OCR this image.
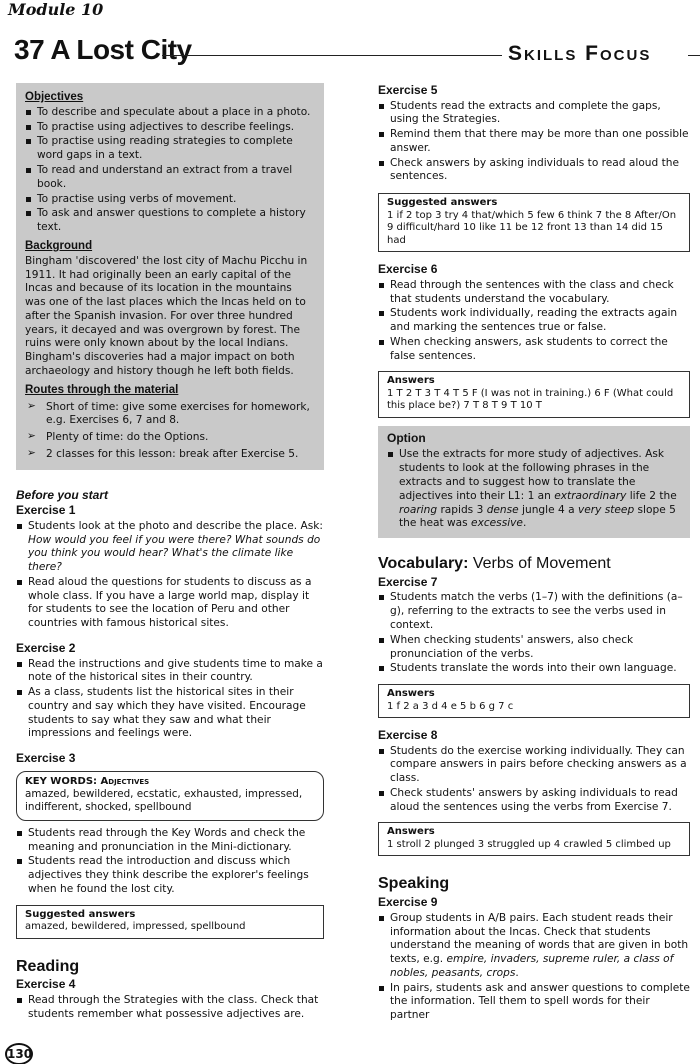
Module 10
37 A Lost City	Skills Focus
Objectives
To describe and speculate about a place in a photo.
To practise using adjectives to describe feelings.
To practise using reading strategies to complete word gaps in a text.
To read and understand an extract from a travel book.
To practise using verbs of movement.
To ask and answer questions to complete a history text.
Background
Bingham 'discovered' the lost city of Machu Picchu in 1911. It had originally been an early capital of the Incas and because of its location in the mountains was one of the last places which the Incas held on to after the Spanish invasion. For over three hundred years, it decayed and was overgrown by forest. The ruins were only known about by the local Indians. Bingham's discoveries had a major impact on both archaeology and history though he left both fields.
Routes through the material
➢ Short of time: give some exercises for homework, e.g. Exercises 6, 7 and 8.
➢ Plenty of time: do the Options.
➢ 2 classes for this lesson: break after Exercise 5.
Before you start
Exercise 1
Students look at the photo and describe the place. Ask:
How would you feel if you were there? What sounds do you think you would hear? What's the climate like there?
Read aloud the questions for students to discuss as a whole class. If you have a large world map, display it for students to see the location of Peru and other countries with famous historical sites.
Exercise 2
Read the instructions and give students time to make a note of the historical sites in their country.
As a class, students list the historical sites in their country and say which they have visited. Encourage students to say what they saw and what their impressions and feelings were.
Exercise 3
KEY WORDS: Adjectives
amazed, bewildered, ecstatic, exhausted, impressed, indifferent, shocked, spellbound
Students read through the Key Words and check the meaning and pronunciation in the Mini-dictionary.
Students read the introduction and discuss which adjectives they think describe the explorer's feelings when he found the lost city.
Suggested answers
amazed, bewildered, impressed, spellbound
Reading
Exercise 4
Read through the Strategies with the class. Check that students remember what possessive adjectives are.
Exercise 5
Students read the extracts and complete the gaps, using the Strategies.
Remind them that there may be more than one possible answer.
Check answers by asking individuals to read aloud the sentences.
Suggested answers
1 if 2 top 3 try 4 that/which 5 few 6 think 7 the 8 After/On 9 difficult/hard 10 like 11 be 12 front 13 than 14 did 15 had
Exercise 6
Read through the sentences with the class and check that students understand the vocabulary.
Students work individually, reading the extracts again and marking the sentences true or false.
When checking answers, ask students to correct the false sentences.
Answers
1 T 2 T 3 T 4 T 5 F (I was not in training.) 6 F (What could this place be?) 7 T 8 T 9 T 10 T
Option
Use the extracts for more study of adjectives. Ask students to look at the following phrases in the extracts and to suggest how to translate the adjectives into their L1: 1 an extraordinary life 2 the roaring rapids 3 dense jungle 4 a very steep slope 5 the heat was excessive.
Vocabulary: Verbs of Movement
Exercise 7
Students match the verbs (1–7) with the definitions (a–g), referring to the extracts to see the verbs used in context.
When checking students' answers, also check pronunciation of the verbs.
Students translate the words into their own language.
Answers
1 f 2 a 3 d 4 e 5 b 6 g 7 c
Exercise 8
Students do the exercise working individually. They can compare answers in pairs before checking answers as a class.
Check students' answers by asking individuals to read aloud the sentences using the verbs from Exercise 7.
Answers
1 stroll 2 plunged 3 struggled up 4 crawled 5 climbed up
Speaking
Exercise 9
Group students in A/B pairs. Each student reads their information about the Incas. Check that students understand the meaning of words that are given in both texts, e.g. empire, invaders, supreme ruler, a class of nobles, peasants, crops.
In pairs, students ask and answer questions to complete the information. Tell them to spell words for their partner
130
